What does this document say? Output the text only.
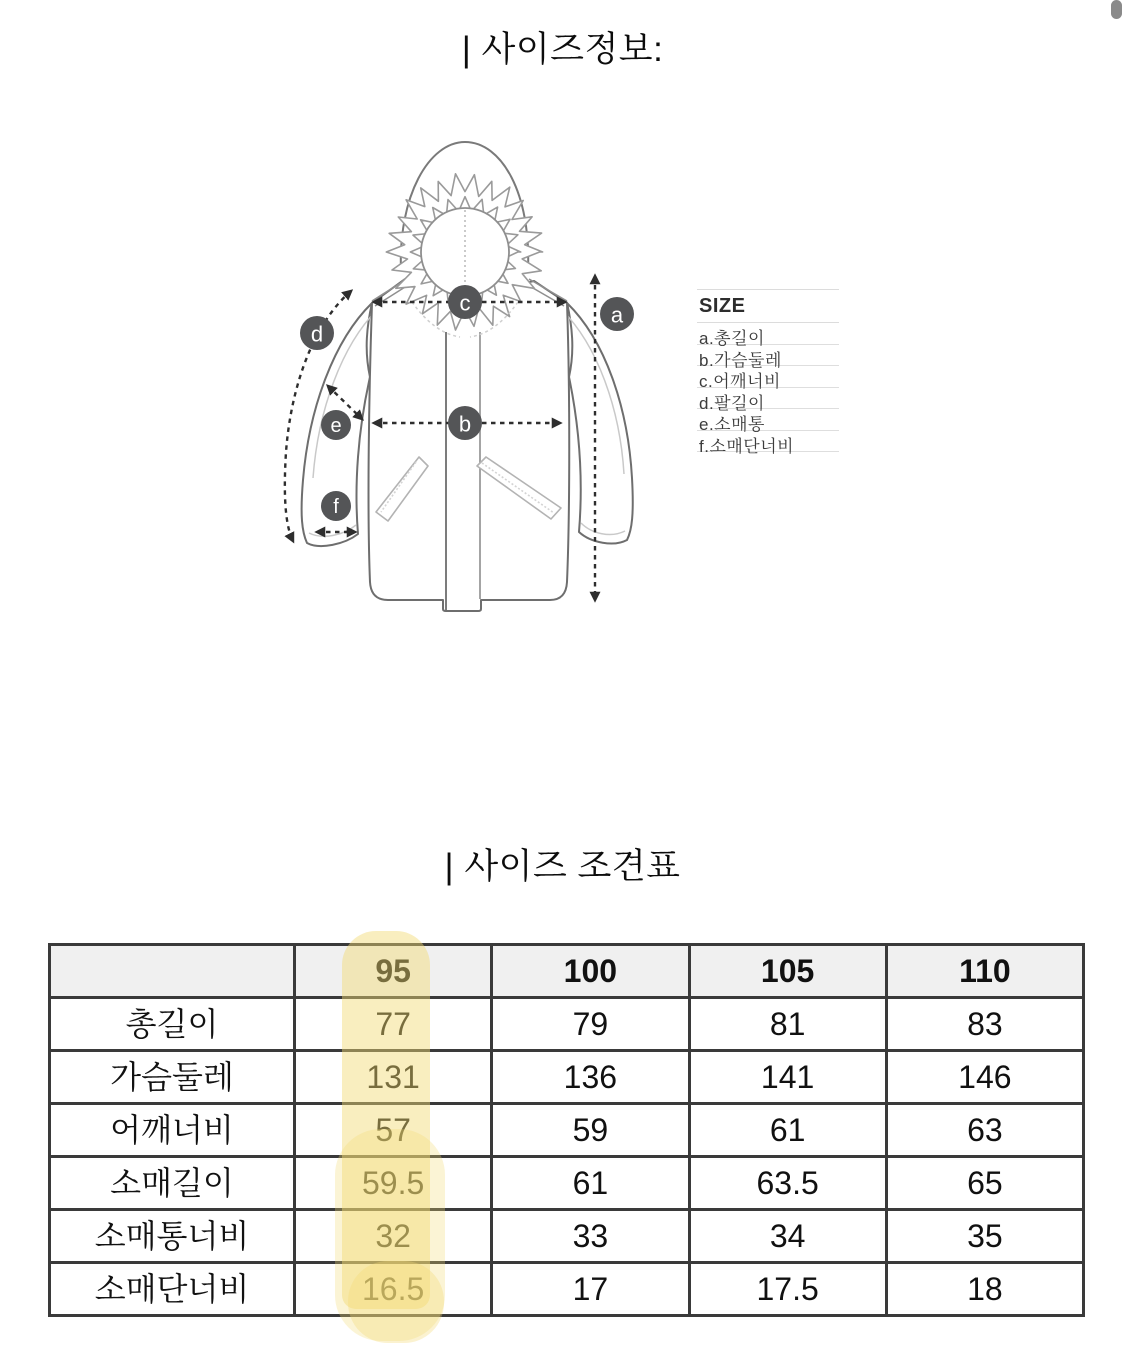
| 사이즈정보:
a
b
c
d
e
f
SIZE
a.총길이
b.가슴둘레
c.어깨너비
d.팔길이
e.소매통
f.소매단너비
| 사이즈 조견표
	95	100	105	110
총길이	77	79	81	83
가슴둘레	131	136	141	146
어깨너비	57	59	61	63
소매길이	59.5	61	63.5	65
소매통너비	32	33	34	35
소매단너비	16.5	17	17.5	18
